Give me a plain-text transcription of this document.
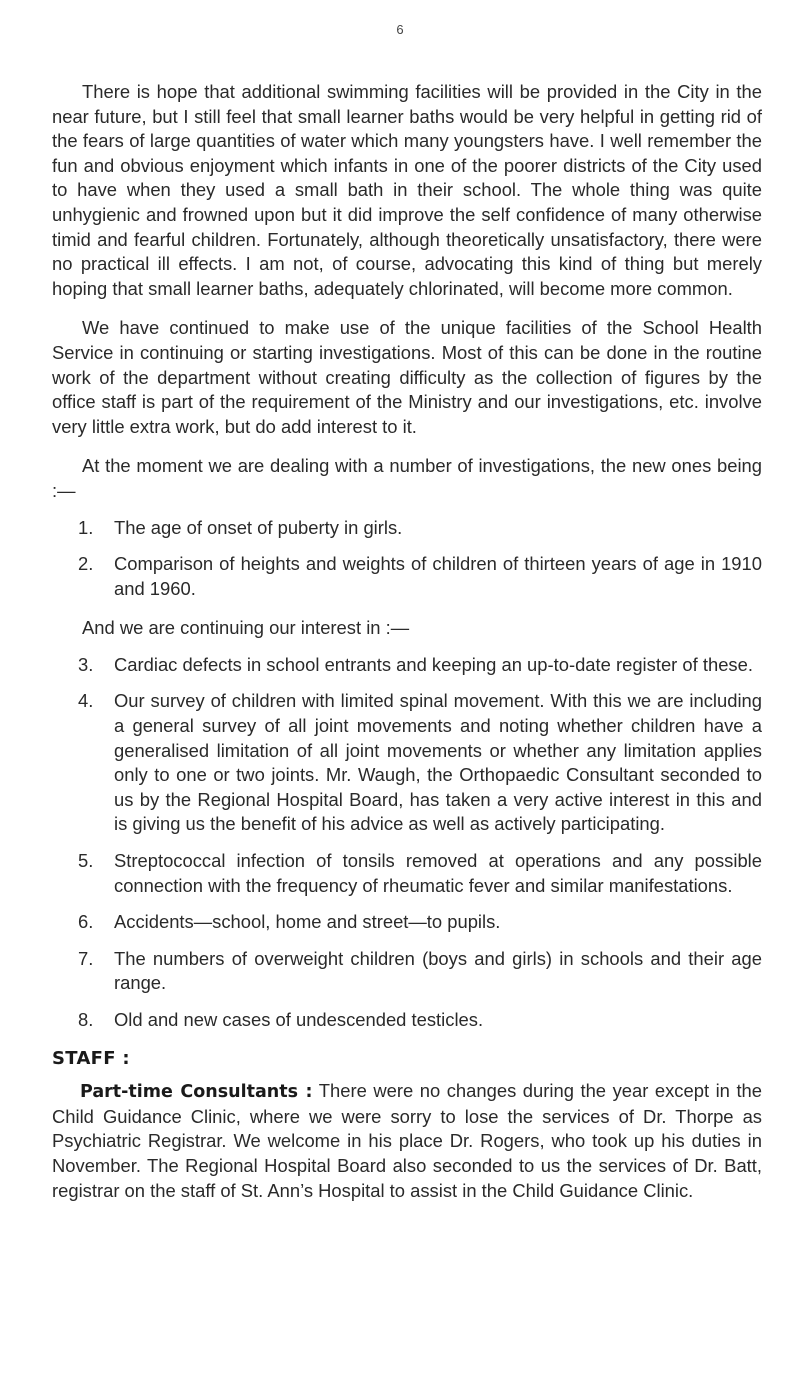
6

There is hope that additional swimming facilities will be provided in the City in the near future, but I still feel that small learner baths would be very helpful in getting rid of the fears of large quantities of water which many youngsters have. I well remember the fun and obvious enjoyment which infants in one of the poorer districts of the City used to have when they used a small bath in their school. The whole thing was quite unhygienic and frowned upon but it did improve the self confidence of many otherwise timid and fearful children. Fortunately, although theoretically unsatisfactory, there were no practical ill effects. I am not, of course, advocating this kind of thing but merely hoping that small learner baths, adequately chlorinated, will become more common.

We have continued to make use of the unique facilities of the School Health Service in continuing or starting investigations. Most of this can be done in the routine work of the department without creating difficulty as the collection of figures by the office staff is part of the requirement of the Ministry and our investigations, etc. involve very little extra work, but do add interest to it.

At the moment we are dealing with a number of investigations, the new ones being :—

1.	The age of onset of puberty in girls.
2.	Comparison of heights and weights of children of thirteen years of age in 1910 and 1960.

And we are continuing our interest in :—

3.	Cardiac defects in school entrants and keeping an up-to-date register of these.
4.	Our survey of children with limited spinal movement. With this we are including a general survey of all joint movements and noting whether children have a generalised limitation of all joint movements or whether any limitation applies only to one or two joints. Mr. Waugh, the Orthopaedic Consultant seconded to us by the Regional Hospital Board, has taken a very active interest in this and is giving us the benefit of his advice as well as actively participating.
5.	Streptococcal infection of tonsils removed at operations and any possible connection with the frequency of rheumatic fever and similar manifestations.
6.	Accidents—school, home and street—to pupils.
7.	The numbers of overweight children (boys and girls) in schools and their age range.
8.	Old and new cases of undescended testicles.
STAFF :

Part-time Consultants : There were no changes during the year except in the Child Guidance Clinic, where we were sorry to lose the services of Dr. Thorpe as Psychiatric Registrar. We welcome in his place Dr. Rogers, who took up his duties in November. The Regional Hospital Board also seconded to us the services of Dr. Batt, registrar on the staff of St. Ann’s Hospital to assist in the Child Guidance Clinic.
